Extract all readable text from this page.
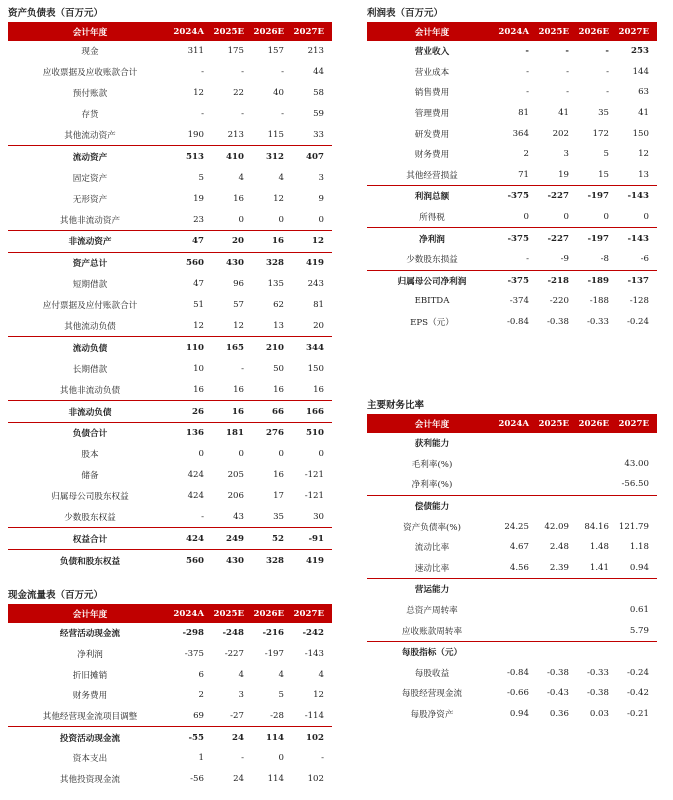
资产负债表（百万元）
会计年度	2024A	2025E	2026E	2027E
现金	311	175	157	213
应收票据及应收账款合计	-	-	-	44
预付账款	12	22	40	58
存货	-	-	-	59
其他流动资产	190	213	115	33
流动资产	513	410	312	407
固定资产	5	4	4	3
无形资产	19	16	12	9
其他非流动资产	23	0	0	0
非流动资产	47	20	16	12
资产总计	560	430	328	419
短期借款	47	96	135	243
应付票据及应付账款合计	51	57	62	81
其他流动负债	12	12	13	20
流动负债	110	165	210	344
长期借款	10	-	50	150
其他非流动负债	16	16	16	16
非流动负债	26	16	66	166
负债合计	136	181	276	510
股本	0	0	0	0
储备	424	205	16	-121
归属母公司股东权益	424	206	17	-121
少数股东权益	-	43	35	30
权益合计	424	249	52	-91
负债和股东权益	560	430	328	419
现金流量表（百万元）
会计年度	2024A	2025E	2026E	2027E
经营活动现金流	-298	-248	-216	-242
净利润	-375	-227	-197	-143
折旧摊销	6	4	4	4
财务费用	2	3	5	12
其他经营现金流项目调整	69	-27	-28	-114
投资活动现金流	-55	24	114	102
资本支出	1	-	0	-
其他投资现金流	-56	24	114	102
利润表（百万元）
会计年度	2024A	2025E	2026E	2027E
营业收入	-	-	-	253
营业成本	-	-	-	144
销售费用	-	-	-	63
管理费用	81	41	35	41
研发费用	364	202	172	150
财务费用	2	3	5	12
其他经营损益	71	19	15	13
利润总额	-375	-227	-197	-143
所得税	0	0	0	0
净利润	-375	-227	-197	-143
少数股东损益	-	-9	-8	-6
归属母公司净利润	-375	-218	-189	-137
EBITDA	-374	-220	-188	-128
EPS（元）	-0.84	-0.38	-0.33	-0.24
主要财务比率
会计年度	2024A	2025E	2026E	2027E
获利能力				
毛利率(%)				43.00
净利率(%)				-56.50
偿债能力				
资产负债率(%)	24.25	42.09	84.16	121.79
流动比率	4.67	2.48	1.48	1.18
速动比率	4.56	2.39	1.41	0.94
营运能力				
总资产周转率				0.61
应收账款周转率				5.79
每股指标（元）				
每股收益	-0.84	-0.38	-0.33	-0.24
每股经营现金流	-0.66	-0.43	-0.38	-0.42
每股净资产	0.94	0.36	0.03	-0.21
